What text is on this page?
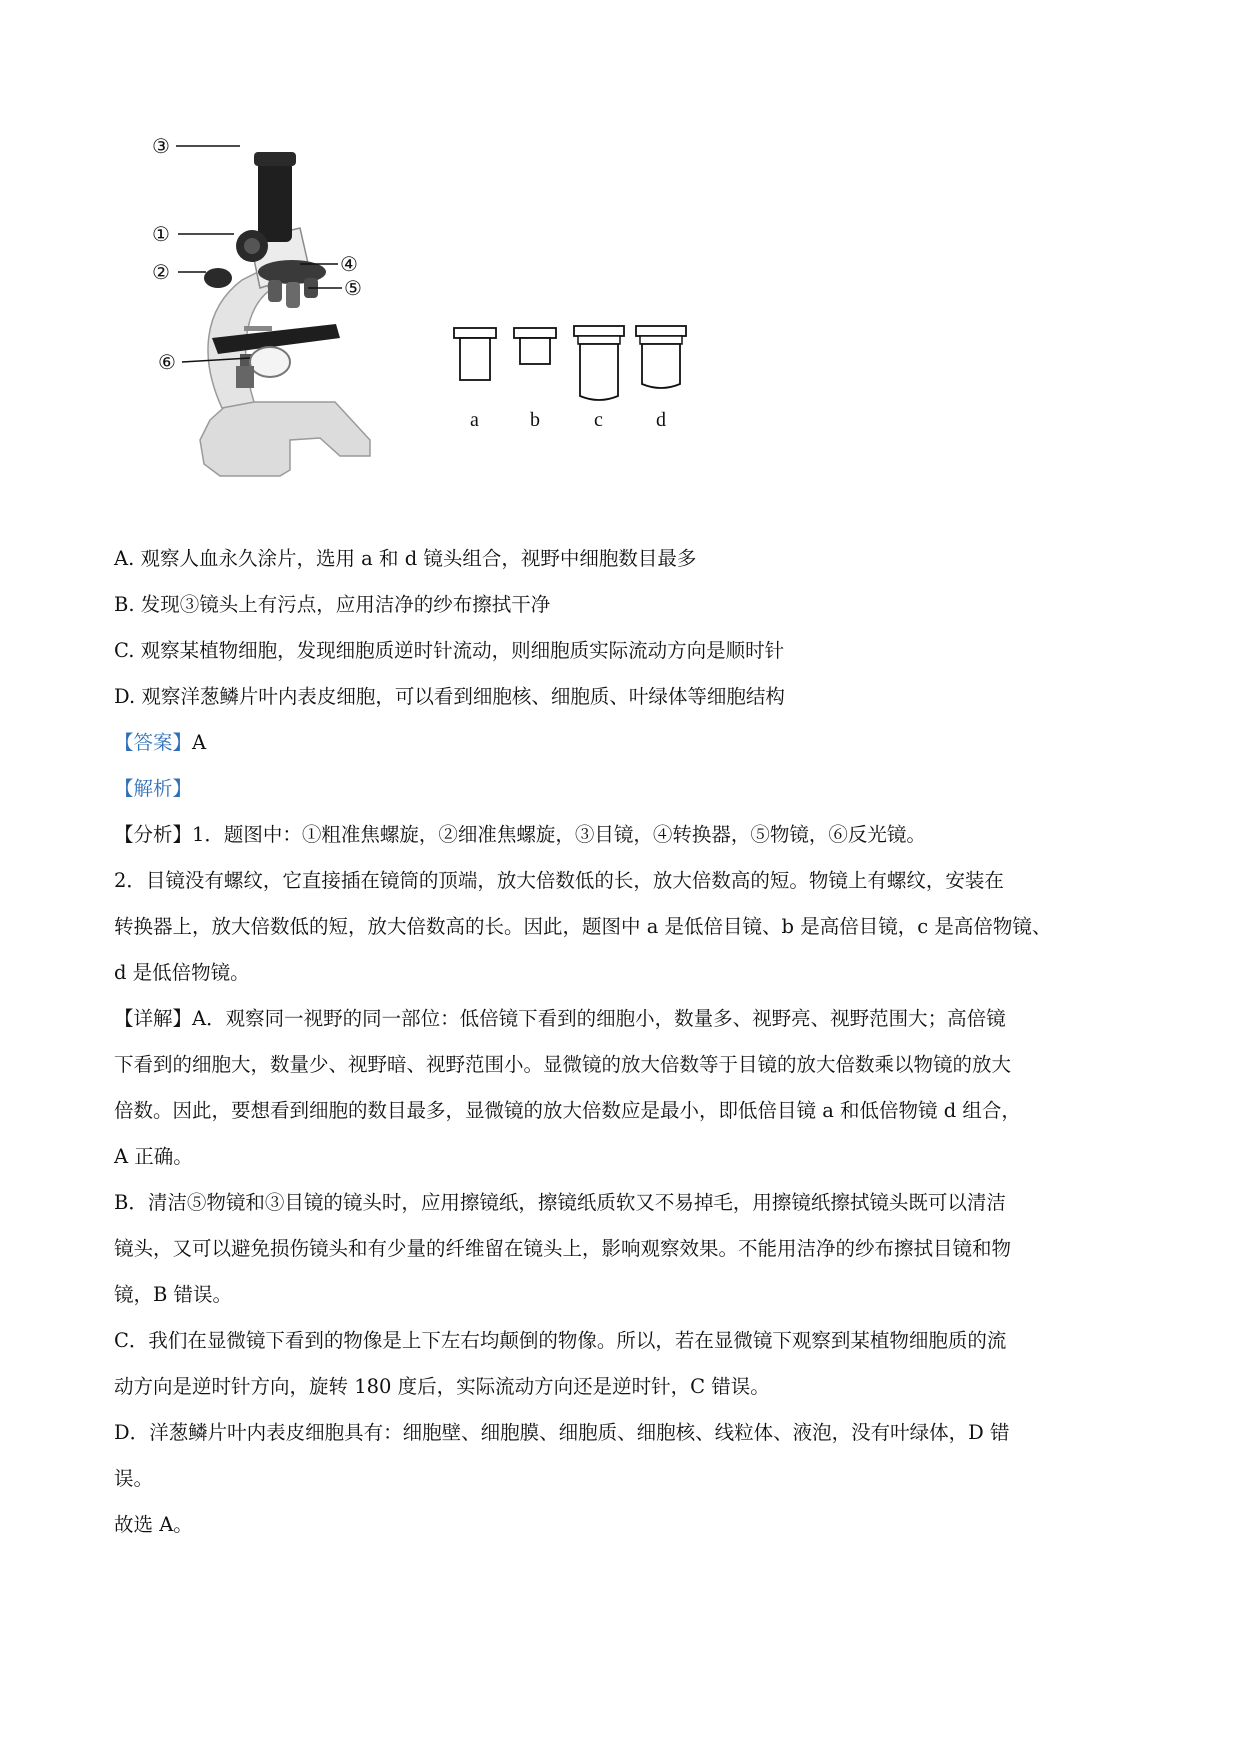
③
①
②	④
⑤
⑥
a	b	c	d

A. 观察人血永久涂片，选用 a 和 d 镜头组合，视野中细胞数目最多

B. 发现③镜头上有污点，应用洁净的纱布擦拭干净

C. 观察某植物细胞，发现细胞质逆时针流动，则细胞质实际流动方向是顺时针

D. 观察洋葱鳞片叶内表皮细胞，可以看到细胞核、细胞质、叶绿体等细胞结构

【答案】A

【解析】

【分析】1．题图中：①粗准焦螺旋，②细准焦螺旋，③目镜，④转换器，⑤物镜，⑥反光镜。

2．目镜没有螺纹，它直接插在镜筒的顶端，放大倍数低的长，放大倍数高的短。物镜上有螺纹，安装在

转换器上，放大倍数低的短，放大倍数高的长。因此，题图中 a 是低倍目镜、b 是高倍目镜，c 是高倍物镜、

d 是低倍物镜。

【详解】A．观察同一视野的同一部位：低倍镜下看到的细胞小，数量多、视野亮、视野范围大；高倍镜

下看到的细胞大，数量少、视野暗、视野范围小。显微镜的放大倍数等于目镜的放大倍数乘以物镜的放大

倍数。因此，要想看到细胞的数目最多，显微镜的放大倍数应是最小，即低倍目镜 a 和低倍物镜 d 组合，

A 正确。

B．清洁⑤物镜和③目镜的镜头时，应用擦镜纸，擦镜纸质软又不易掉毛，用擦镜纸擦拭镜头既可以清洁

镜头，又可以避免损伤镜头和有少量的纤维留在镜头上，影响观察效果。不能用洁净的纱布擦拭目镜和物

镜，B 错误。

C．我们在显微镜下看到的物像是上下左右均颠倒的物像。所以，若在显微镜下观察到某植物细胞质的流

动方向是逆时针方向，旋转 180 度后，实际流动方向还是逆时针，C 错误。

D．洋葱鳞片叶内表皮细胞具有：细胞壁、细胞膜、细胞质、细胞核、线粒体、液泡，没有叶绿体，D 错

误。

故选 A。
